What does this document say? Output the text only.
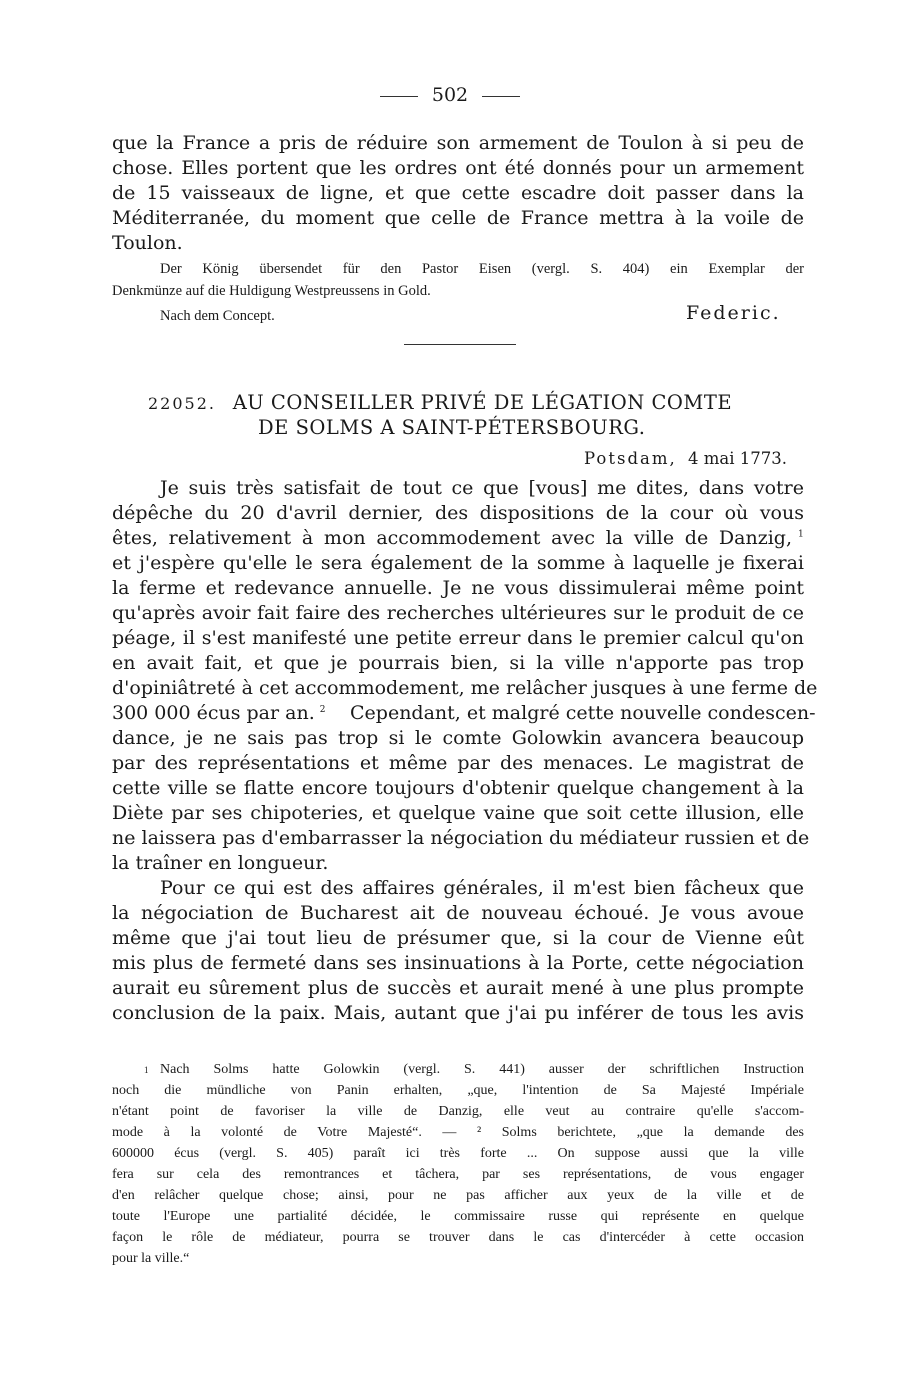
502
que la France a pris de réduire son armement de Toulon à si peu de
chose. Elles portent que les ordres ont été donnés pour un armement
de 15 vaisseaux de ligne, et que cette escadre doit passer dans la
Méditerranée, du moment que celle de France mettra à la voile de
Toulon.
Der König übersendet für den Pastor Eisen (vergl. S. 404) ein Exemplar der
Denkmünze auf die Huldigung Westpreussens in Gold.
Nach dem Concept.	Federic.
22052. AU CONSEILLER PRIVÉ DE LÉGATION COMTE
DE SOLMS A SAINT-PÉTERSBOURG.
Potsdam, 4 mai 1773.
Je suis très satisfait de tout ce que [vous] me dites, dans votre
dépêche du 20 d'avril dernier, des dispositions de la cour où vous
êtes, relativement à mon accommodement avec la ville de Danzig, $^1$
et j'espère qu'elle le sera également de la somme à laquelle je fixerai
la ferme et redevance annuelle. Je ne vous dissimulerai même point
qu'après avoir fait faire des recherches ultérieures sur le produit de ce
péage, il s'est manifesté une petite erreur dans le premier calcul qu'on
en avait fait, et que je pourrais bien, si la ville n'apporte pas trop
d'opiniâtreté à cet accommodement, me relâcher jusques à une ferme de
300 000 écus par an. $^2$ Cependant, et malgré cette nouvelle condescen-
dance, je ne sais pas trop si le comte Golowkin avancera beaucoup
par des représentations et même par des menaces. Le magistrat de
cette ville se flatte encore toujours d'obtenir quelque changement à la
Diète par ses chipoteries, et quelque vaine que soit cette illusion, elle
ne laissera pas d'embarrasser la négociation du médiateur russien et de
la traîner en longueur.
Pour ce qui est des affaires générales, il m'est bien fâcheux que
la négociation de Bucharest ait de nouveau échoué. Je vous avoue
même que j'ai tout lieu de présumer que, si la cour de Vienne eût
mis plus de fermeté dans ses insinuations à la Porte, cette négociation
aurait eu sûrement plus de succès et aurait mené à une plus prompte
conclusion de la paix. Mais, autant que j'ai pu inférer de tous les avis
1 Nach Solms hatte Golowkin (vergl. S. 441) ausser der schriftlichen Instruction
noch die mündliche von Panin erhalten, „que, l'intention de Sa Majesté Impériale
n'étant point de favoriser la ville de Danzig, elle veut au contraire qu'elle s'accom-
mode à la volonté de Votre Majesté“. — ² Solms berichtete, „que la demande des
600000 écus (vergl. S. 405) paraît ici très forte ... On suppose aussi que la ville
fera sur cela des remontrances et tâchera, par ses représentations, de vous engager
d'en relâcher quelque chose; ainsi, pour ne pas afficher aux yeux de la ville et de
toute l'Europe une partialité décidée, le commissaire russe qui représente en quelque
façon le rôle de médiateur, pourra se trouver dans le cas d'intercéder à cette occasion
pour la ville.“
